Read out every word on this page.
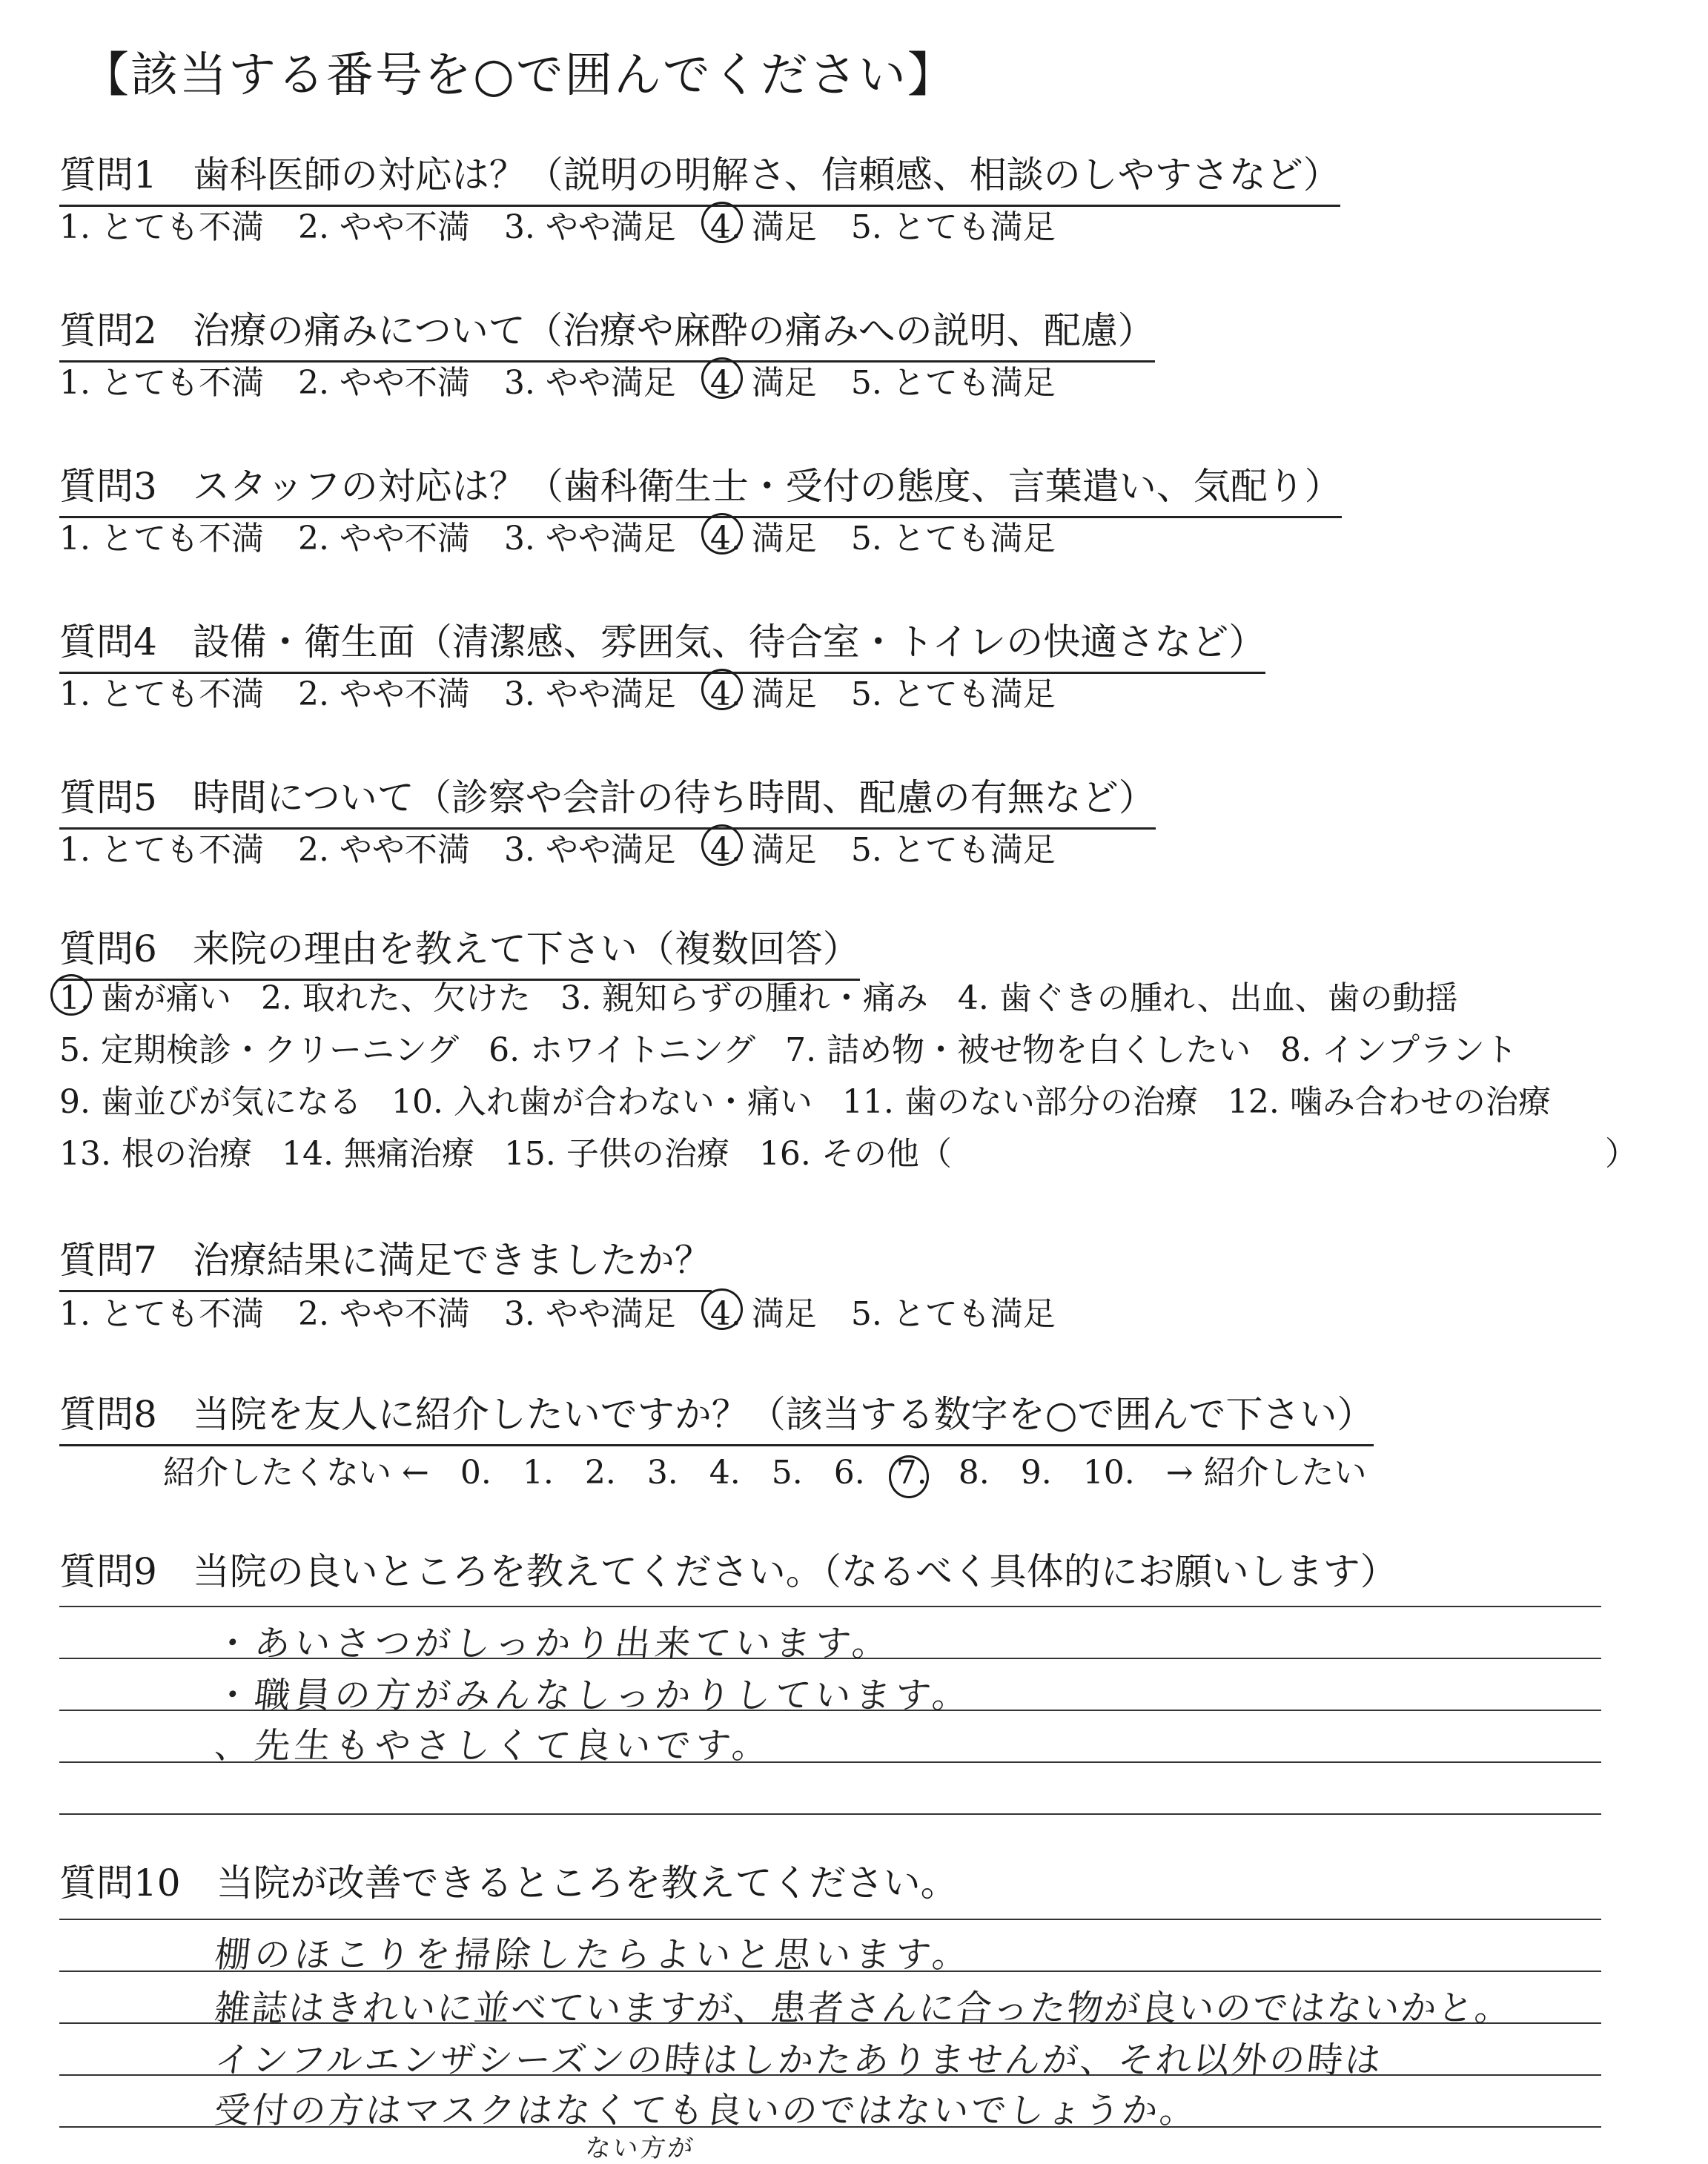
【該当する番号を○で囲んでください】
質問1 歯科医師の対応は？（説明の明解さ、信頼感、相談のしやすさなど）
1. とても不満 2. やや不満 3. やや満足 4. 満足 5. とても満足
質問2 治療の痛みについて（治療や麻酔の痛みへの説明、配慮）
1. とても不満 2. やや不満 3. やや満足 4. 満足 5. とても満足
質問3 スタッフの対応は？（歯科衛生士・受付の態度、言葉遣い、気配り）
1. とても不満 2. やや不満 3. やや満足 4. 満足 5. とても満足
質問4 設備・衛生面（清潔感、雰囲気、待合室・トイレの快適さなど）
1. とても不満 2. やや不満 3. やや満足 4. 満足 5. とても満足
質問5 時間について（診察や会計の待ち時間、配慮の有無など）
1. とても不満 2. やや不満 3. やや満足 4. 満足 5. とても満足
質問6 来院の理由を教えて下さい（複数回答）
1. 歯が痛い 2. 取れた、欠けた 3. 親知らずの腫れ・痛み 4. 歯ぐきの腫れ、出血、歯の動揺
5. 定期検診・クリーニング 6. ホワイトニング 7. 詰め物・被せ物を白くしたい 8. インプラント
9. 歯並びが気になる 10. 入れ歯が合わない・痛い 11. 歯のない部分の治療 12. 噛み合わせの治療
13. 根の治療 14. 無痛治療 15. 子供の治療 16. その他（	）
質問7 治療結果に満足できましたか？
1. とても不満 2. やや不満 3. やや満足 4. 満足 5. とても満足
質問8 当院を友人に紹介したいですか？（該当する数字を○で囲んで下さい）
紹介したくない ← 0. 1. 2. 3. 4. 5. 6. 7. 8. 9. 10. → 紹介したい
質問9 当院の良いところを教えてください。（なるべく具体的にお願いします）
・あいさつがしっかり出来ています。
・職員の方がみんなしっかりしています。
、先生もやさしくて良いです。
質問10 当院が改善できるところを教えてください。
棚のほこりを掃除したらよいと思います。
雑誌はきれいに並べていますが、患者さんに合った物が良いのではないかと。
インフルエンザシーズンの時はしかたありませんが、それ以外の時は
受付の方はマスクはなくても良いのではないでしょうか。
ない方が
